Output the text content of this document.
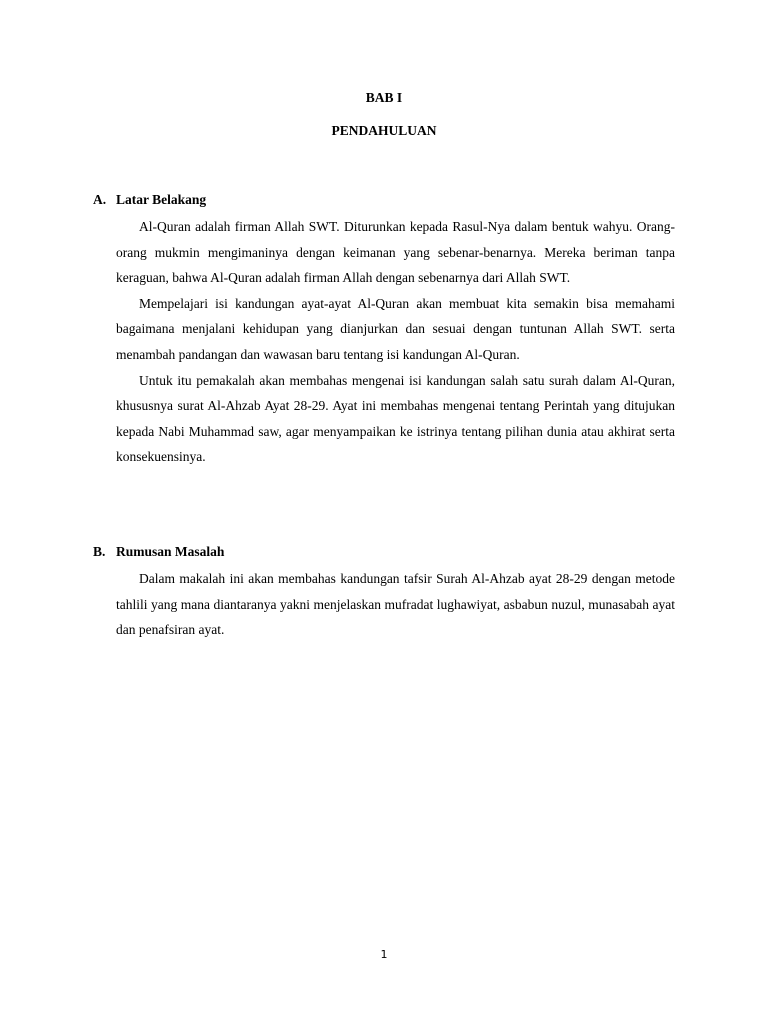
BAB I
PENDAHULUAN
A. Latar Belakang

Al-Quran adalah firman Allah SWT. Diturunkan kepada Rasul-Nya dalam bentuk wahyu. Orang-orang mukmin mengimaninya dengan keimanan yang sebenar-benarnya. Mereka beriman tanpa keraguan, bahwa Al-Quran adalah firman Allah dengan sebenarnya dari Allah SWT.

Mempelajari isi kandungan ayat-ayat Al-Quran akan membuat kita semakin bisa memahami bagaimana menjalani kehidupan yang dianjurkan dan sesuai dengan tuntunan Allah SWT. serta menambah pandangan dan wawasan baru tentang isi kandungan Al-Quran.

Untuk itu pemakalah akan membahas mengenai isi kandungan salah satu surah dalam Al-Quran, khususnya surat Al-Ahzab Ayat 28-29. Ayat ini membahas mengenai tentang Perintah yang ditujukan kepada Nabi Muhammad saw, agar menyampaikan ke istrinya tentang pilihan dunia atau akhirat serta konsekuensinya.

B. Rumusan Masalah

Dalam makalah ini akan membahas kandungan tafsir Surah Al-Ahzab ayat 28-29 dengan metode tahlili yang mana diantaranya yakni menjelaskan mufradat lughawiyat, asbabun nuzul, munasabah ayat dan penafsiran ayat.

1
